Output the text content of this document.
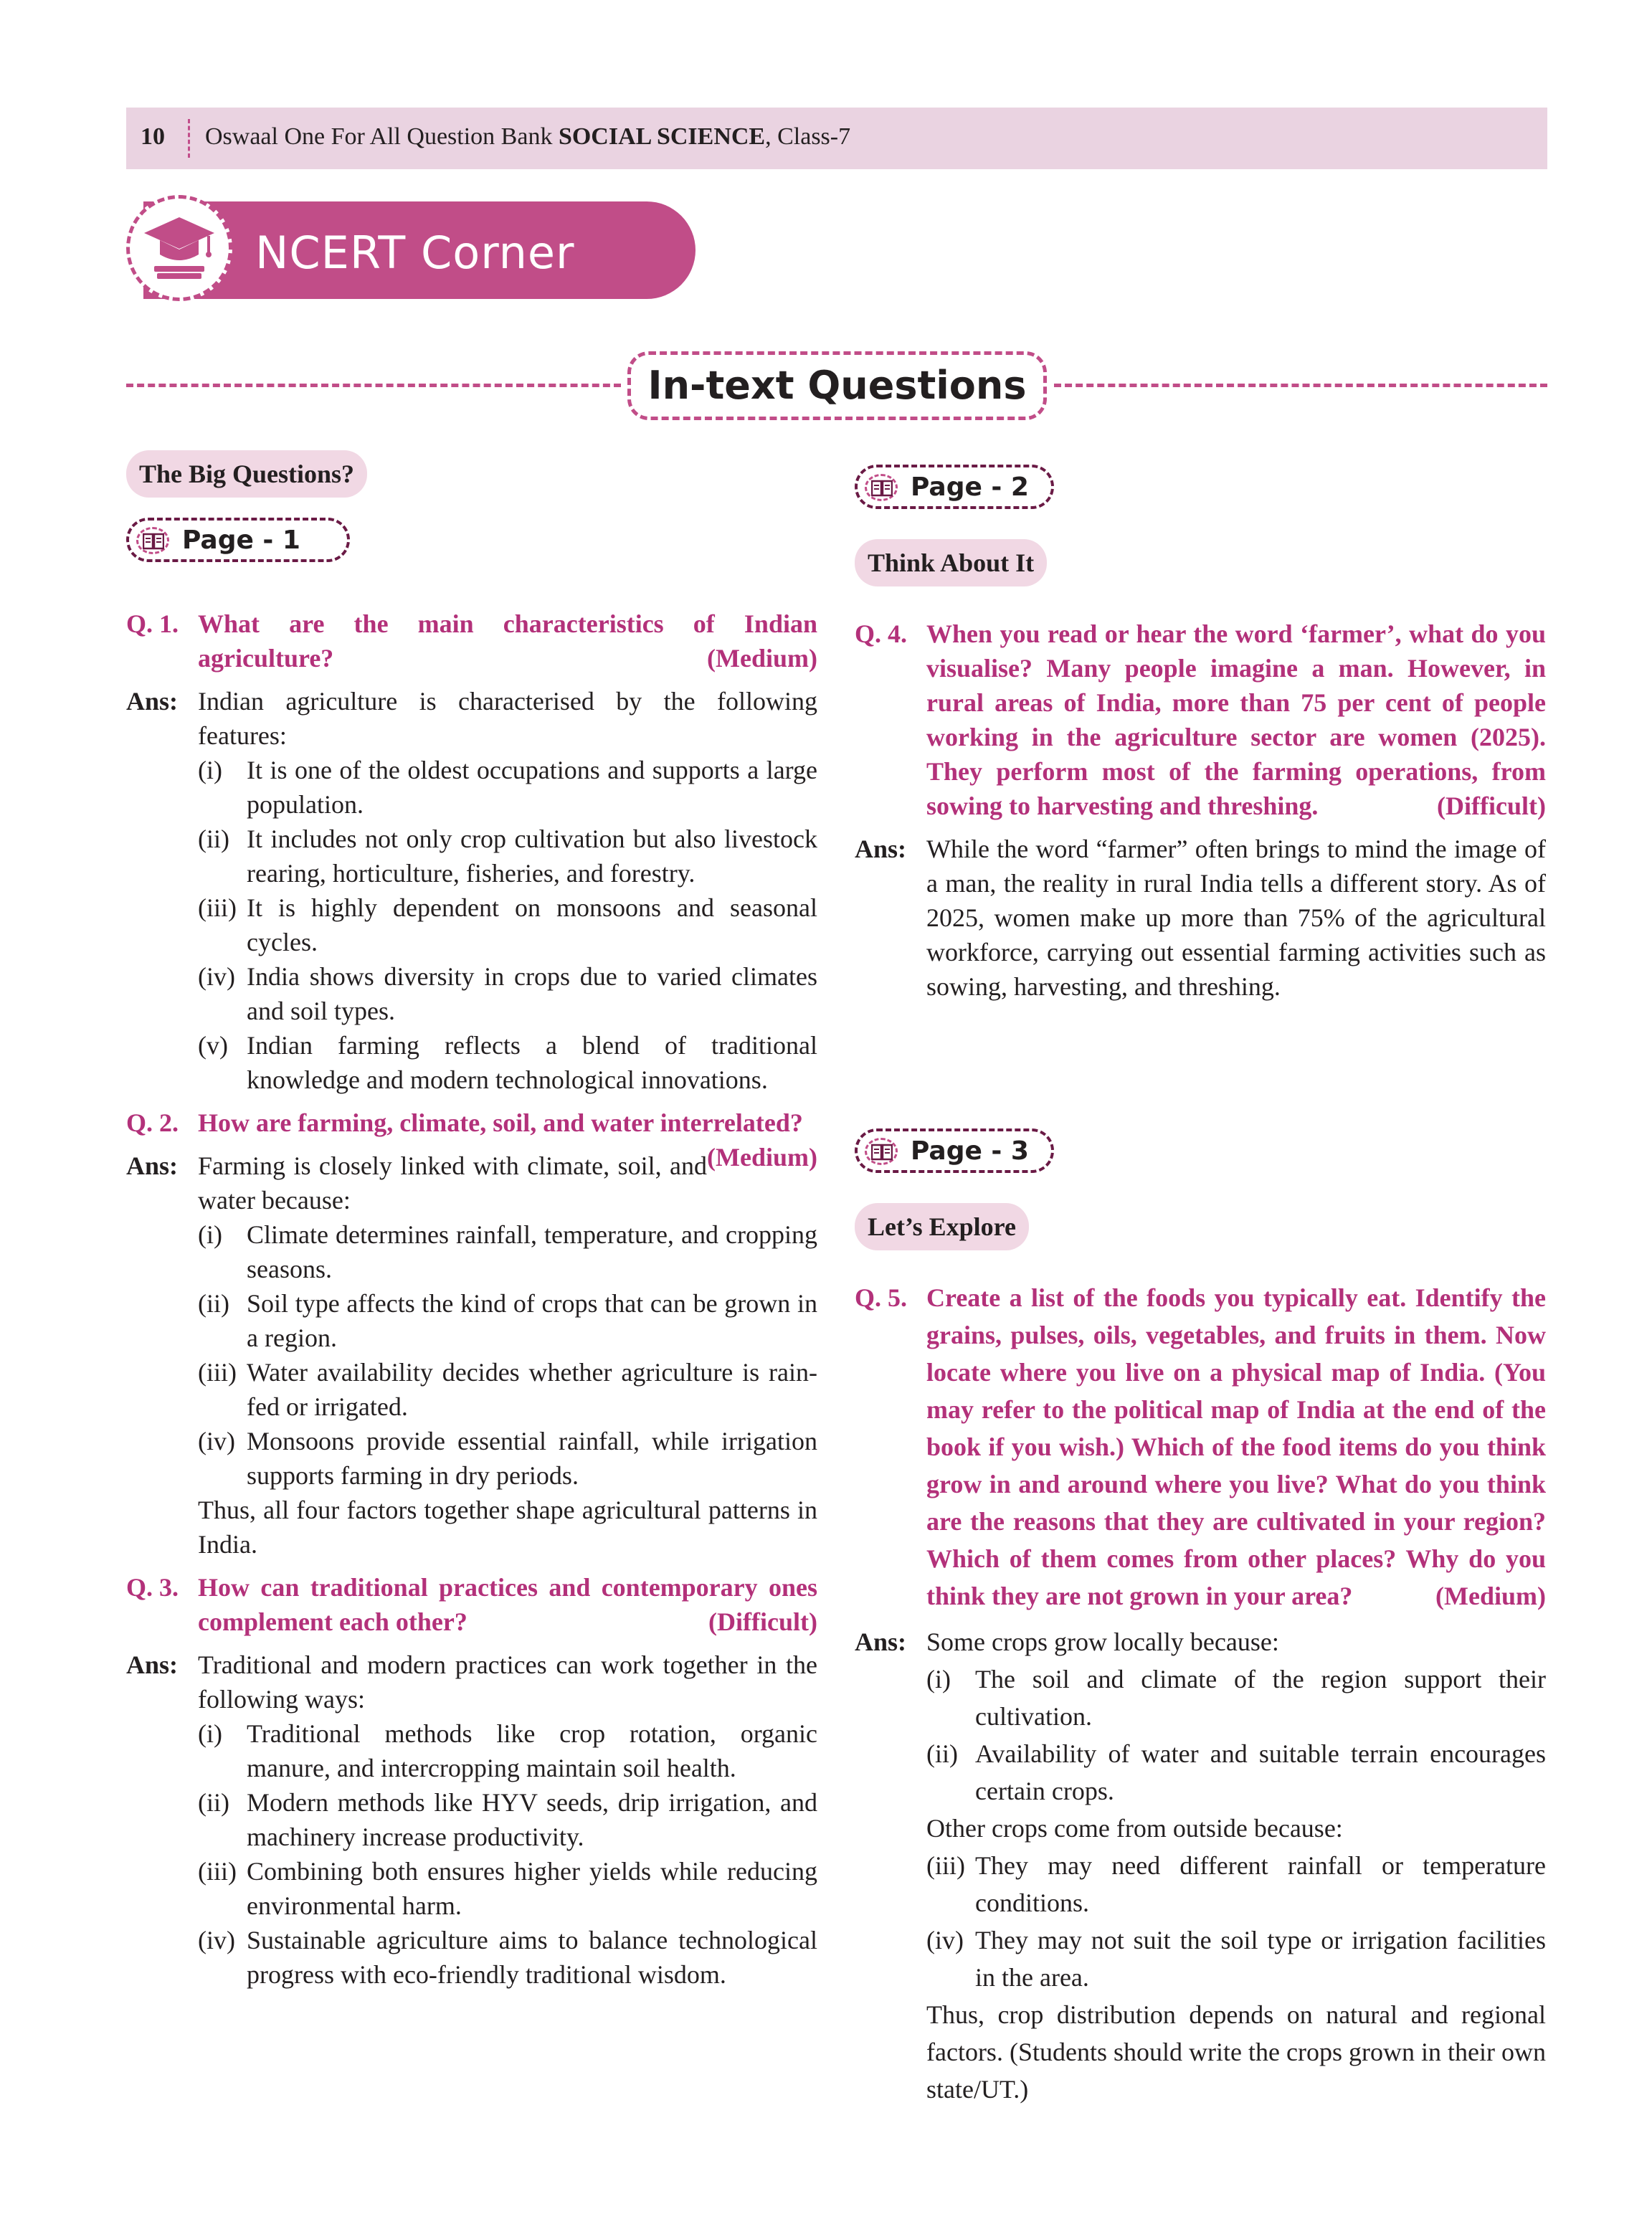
10 Oswaal One For All Question Bank SOCIAL SCIENCE, Class-7
NCERT Corner
In-text Questions
The Big Questions?
Page - 1
Q. 1. What are the main characteristics of Indian agriculture?	(Medium)
Ans: Indian agriculture is characterised by the following features:
(i) It is one of the oldest occupations and supports a large population.
(ii) It includes not only crop cultivation but also livestock rearing, horticulture, fisheries, and forestry.
(iii) It is highly dependent on monsoons and seasonal cycles.
(iv) India shows diversity in crops due to varied climates and soil types.
(v) Indian farming reflects a blend of traditional knowledge and modern technological innovations.
Q. 2. How are farming, climate, soil, and water interrelated?
(Medium)
Ans: Farming is closely linked with climate, soil, and water because:
(i) Climate determines rainfall, temperature, and cropping seasons.
(ii) Soil type affects the kind of crops that can be grown in a region.
(iii) Water availability decides whether agriculture is rain-fed or irrigated.
(iv) Monsoons provide essential rainfall, while irrigation supports farming in dry periods.
Thus, all four factors together shape agricultural patterns in India.
Q. 3. How can traditional practices and contemporary ones complement each other?	(Difficult)
Ans: Traditional and modern practices can work together in the following ways:
(i) Traditional methods like crop rotation, organic manure, and intercropping maintain soil health.
(ii) Modern methods like HYV seeds, drip irrigation, and machinery increase productivity.
(iii) Combining both ensures higher yields while reducing environmental harm.
(iv) Sustainable agriculture aims to balance technological progress with eco-friendly traditional wisdom.
Page - 2
Think About It
Q. 4. When you read or hear the word ‘farmer’, what do you visualise? Many people imagine a man. However, in rural areas of India, more than 75 per cent of people working in the agriculture sector are women (2025). They perform most of the farming operations, from sowing to harvesting and threshing.	(Difficult)
Ans: While the word “farmer” often brings to mind the image of a man, the reality in rural India tells a different story. As of 2025, women make up more than 75% of the agricultural workforce, carrying out essential farming activities such as sowing, harvesting, and threshing.
Page - 3
Let’s Explore
Q. 5. Create a list of the foods you typically eat. Identify the grains, pulses, oils, vegetables, and fruits in them. Now locate where you live on a physical map of India. (You may refer to the political map of India at the end of the book if you wish.) Which of the food items do you think grow in and around where you live? What do you think are the reasons that they are cultivated in your region? Which of them comes from other places? Why do you think they are not grown in your area?	(Medium)
Ans: Some crops grow locally because:
(i) The soil and climate of the region support their cultivation.
(ii) Availability of water and suitable terrain encourages certain crops.
Other crops come from outside because:
(iii) They may need different rainfall or temperature conditions.
(iv) They may not suit the soil type or irrigation facilities in the area.
Thus, crop distribution depends on natural and regional factors. (Students should write the crops grown in their own state/UT.)
